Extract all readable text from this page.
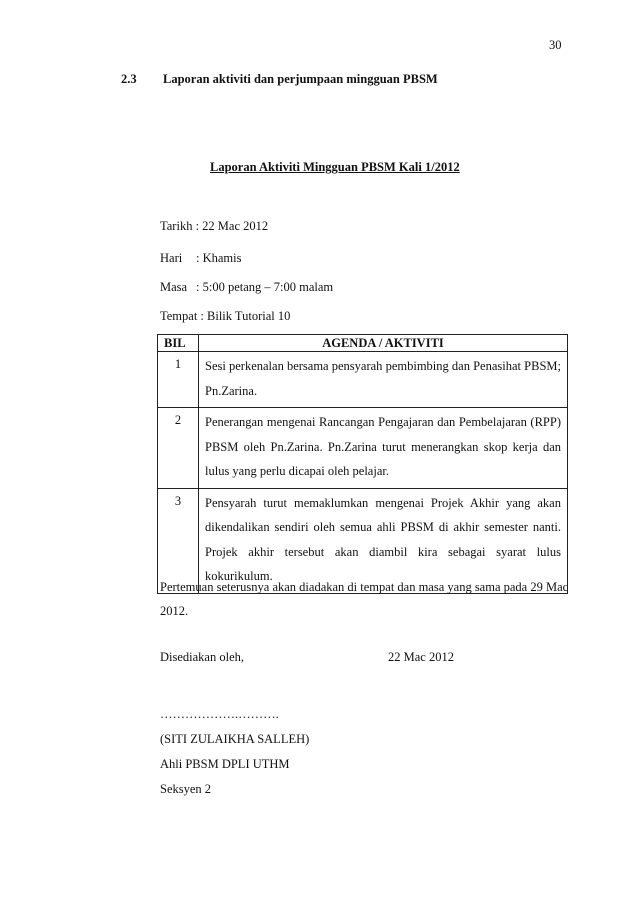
30
2.3 Laporan aktiviti dan perjumpaan mingguan PBSM
Laporan Aktiviti Mingguan PBSM Kali 1/2012
Tarikh : 22 Mac 2012
Hari : Khamis
Masa : 5:00 petang – 7:00 malam
Tempat : Bilik Tutorial 10
BIL	AGENDA / AKTIVITI
1	Sesi perkenalan bersama pensyarah pembimbing dan Penasihat PBSM; Pn.Zarina.
2	Penerangan mengenai Rancangan Pengajaran dan Pembelajaran (RPP) PBSM oleh Pn.Zarina. Pn.Zarina turut menerangkan skop kerja dan lulus yang perlu dicapai oleh pelajar.
3	Pensyarah turut memaklumkan mengenai Projek Akhir yang akan dikendalikan sendiri oleh semua ahli PBSM di akhir semester nanti. Projek akhir tersebut akan diambil kira sebagai syarat lulus kokurikulum.
Pertemuan seterusnya akan diadakan di tempat dan masa yang sama pada 29 Mac 2012.
Disediakan oleh,	22 Mac 2012
……………….……….
(SITI ZULAIKHA SALLEH)
Ahli PBSM DPLI UTHM
Seksyen 2
